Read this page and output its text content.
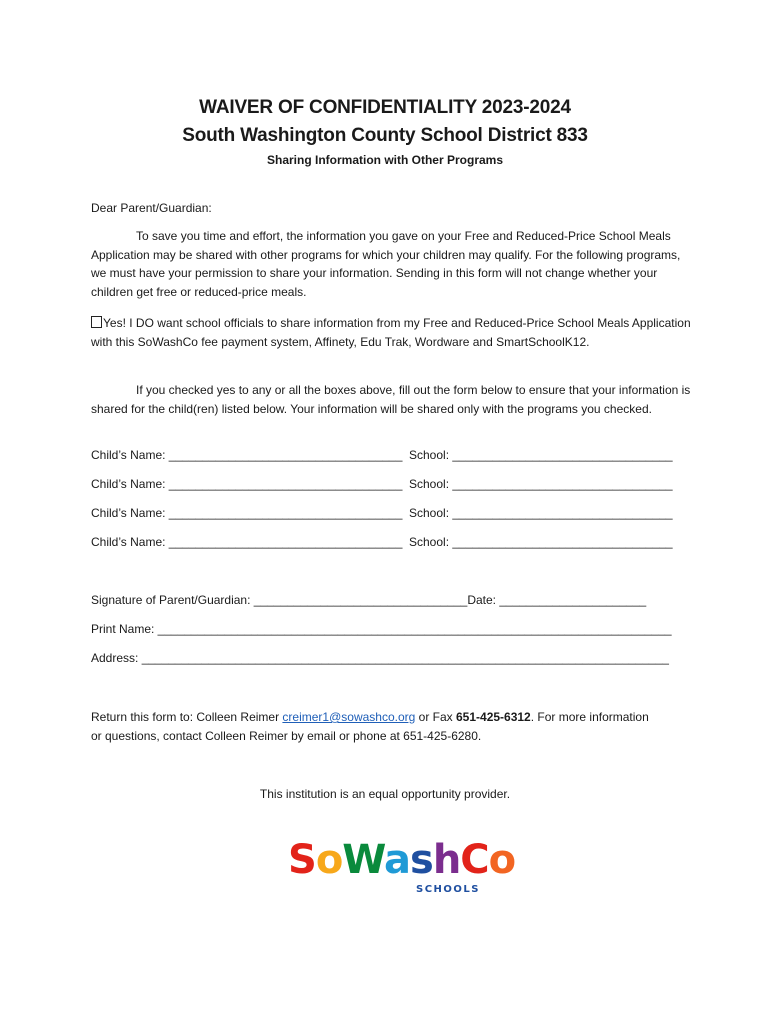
WAIVER OF CONFIDENTIALITY 2023-2024
South Washington County School District 833
Sharing Information with Other Programs
Dear Parent/Guardian:
To save you time and effort, the information you gave on your Free and Reduced-Price School Meals Application may be shared with other programs for which your children may qualify. For the following programs, we must have your permission to share your information. Sending in this form will not change whether your children get free or reduced-price meals.
Yes! I DO want school officials to share information from my Free and Reduced-Price School Meals Application with this SoWashCo fee payment system, Affinety, Edu Trak, Wordware and SmartSchoolK12.
If you checked yes to any or all the boxes above, fill out the form below to ensure that your information is shared for the child(ren) listed below. Your information will be shared only with the programs you checked.
Child’s Name: ___________________________________ School: _________________________________
Child’s Name: ___________________________________ School: _________________________________
Child’s Name: ___________________________________ School: _________________________________
Child’s Name: ___________________________________ School: _________________________________
Signature of Parent/Guardian: ________________________________Date: ______________________
Print Name: _____________________________________________________________________________
Address: _______________________________________________________________________________
Return this form to: Colleen Reimer creimer1@sowashco.org or Fax 651-425-6312. For more information or questions, contact Colleen Reimer by email or phone at 651-425-6280.
This institution is an equal opportunity provider.
SoWashCo
SCHOOLS
